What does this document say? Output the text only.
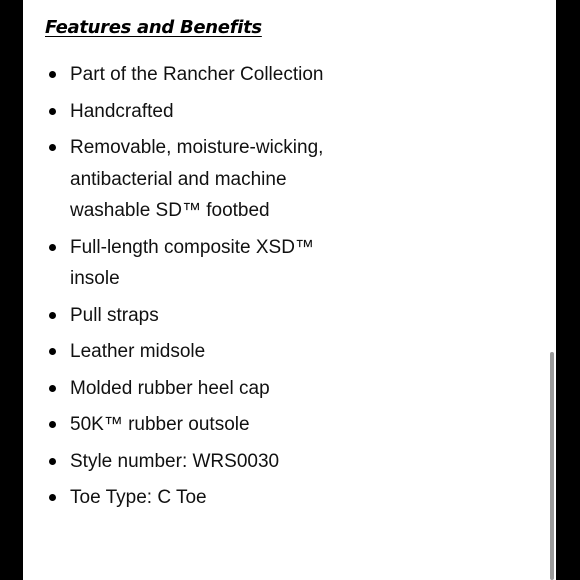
Features and Benefits
Part of the Rancher Collection
Handcrafted
Removable, moisture-wicking, antibacterial and machine washable SD™ footbed
Full-length composite XSD™ insole
Pull straps
Leather midsole
Molded rubber heel cap
50K™ rubber outsole
Style number: WRS0030
Toe Type: C Toe
